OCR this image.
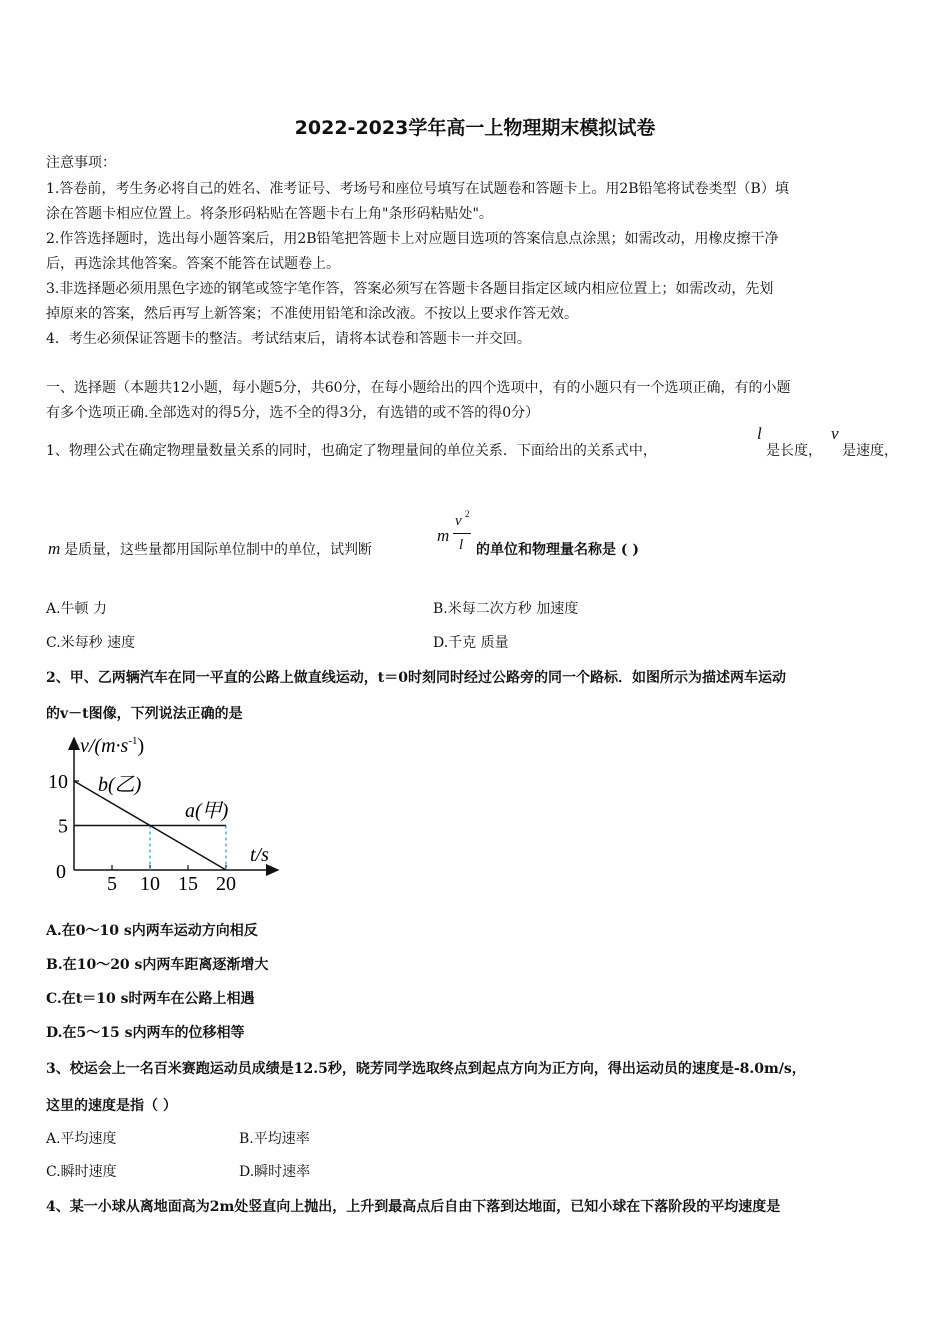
2022-2023学年高一上物理期末模拟试卷
注意事项：
1.答卷前，考生务必将自己的姓名、准考证号、考场号和座位号填写在试题卷和答题卡上。用2B铅笔将试卷类型（B）填
涂在答题卡相应位置上。将条形码粘贴在答题卡右上角"条形码粘贴处"。
2.作答选择题时，选出每小题答案后，用2B铅笔把答题卡上对应题目选项的答案信息点涂黑；如需改动，用橡皮擦干净
后，再选涂其他答案。答案不能答在试题卷上。
3.非选择题必须用黑色字迹的钢笔或签字笔作答，答案必须写在答题卡各题目指定区域内相应位置上；如需改动，先划
掉原来的答案，然后再写上新答案；不准使用铅笔和涂改液。不按以上要求作答无效。
4．考生必须保证答题卡的整洁。考试结束后，请将本试卷和答题卡一并交回。
一、选择题（本题共12小题，每小题5分，共60分，在每小题给出的四个选项中，有的小题只有一个选项正确，有的小题
有多个选项正确.全部选对的得5分，选不全的得3分，有选错的或不答的得0分）
1、物理公式在确定物理量数量关系的同时，也确定了物理量间的单位关系．下面给出的关系式中，
l
是长度，
v
是速度，
m 是质量，这些量都用国际单位制中的单位，试判断
m
v 2
l 的单位和物理量名称是 ( )
A.牛顿 力	B.米每二次方秒 加速度
C.米每秒 速度	D.千克 质量
2、甲、乙两辆汽车在同一平直的公路上做直线运动，t＝0时刻同时经过公路旁的同一个路标．如图所示为描述两车运动
的v－t图像，下列说法正确的是
5 10 15 20
5
10
$v/(m\cdot s^{-1})$
b(乙)
a(甲)
t/s
0
A.在0～10 s内两车运动方向相反
B.在10～20 s内两车距离逐渐增大
C.在t＝10 s时两车在公路上相遇
D.在5～15 s内两车的位移相等
3、校运会上一名百米赛跑运动员成绩是12.5秒，晓芳同学选取终点到起点方向为正方向，得出运动员的速度是-8.0m/s，
这里的速度是指（ ）
A.平均速度	B.平均速率
C.瞬时速度	D.瞬时速率
4、某一小球从离地面高为2m处竖直向上抛出，上升到最高点后自由下落到达地面，已知小球在下落阶段的平均速度是
